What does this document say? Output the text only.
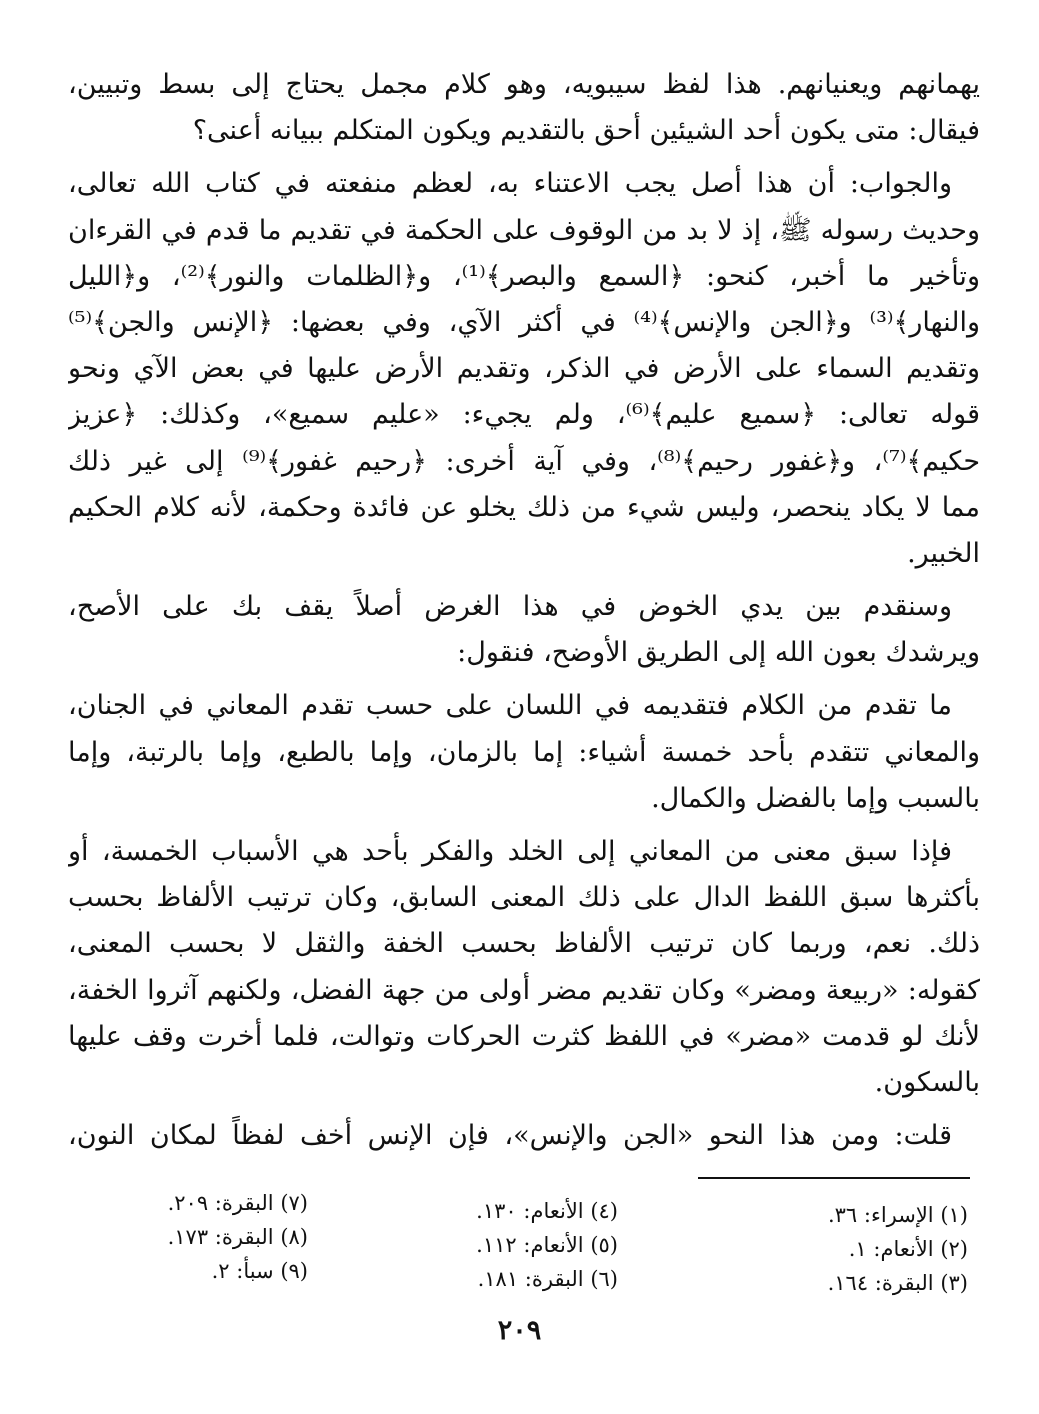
يهمانهم ويعنيانهم. هذا لفظ سيبويه، وهو كلام مجمل يحتاج إلى بسط وتبيين،
فيقال: متى يكون أحد الشيئين أحق بالتقديم ويكون المتكلم ببيانه أعنى؟
والجواب: أن هذا أصل يجب الاعتناء به، لعظم منفعته في كتاب الله تعالى،
وحديث رسوله ﷺ، إذ لا بد من الوقوف على الحكمة في تقديم ما قدم في القرءان
وتأخير ما أخبر، كنحو: ﴿السمع والبصر﴾⁽¹⁾، و﴿الظلمات والنور﴾⁽²⁾، و﴿الليل
والنهار﴾⁽³⁾ و﴿الجن والإنس﴾⁽⁴⁾ في أكثر الآي، وفي بعضها: ﴿الإنس والجن﴾⁽⁵⁾
وتقديم السماء على الأرض في الذكر، وتقديم الأرض عليها في بعض الآي ونحو
قوله تعالى: ﴿سميع عليم﴾⁽⁶⁾، ولم يجيء: «عليم سميع»، وكذلك: ﴿عزيز
حكيم﴾⁽⁷⁾، و﴿غفور رحيم﴾⁽⁸⁾، وفي آية أخرى: ﴿رحيم غفور﴾⁽⁹⁾ إلى غير ذلك
مما لا يكاد ينحصر، وليس شيء من ذلك يخلو عن فائدة وحكمة، لأنه كلام الحكيم
الخبير.
وسنقدم بين يدي الخوض في هذا الغرض أصلاً يقف بك على الأصح،
ويرشدك بعون الله إلى الطريق الأوضح، فنقول:
ما تقدم من الكلام فتقديمه في اللسان على حسب تقدم المعاني في الجنان،
والمعاني تتقدم بأحد خمسة أشياء: إما بالزمان، وإما بالطبع، وإما بالرتبة، وإما
بالسبب وإما بالفضل والكمال.
فإذا سبق معنى من المعاني إلى الخلد والفكر بأحد هي الأسباب الخمسة، أو
بأكثرها سبق اللفظ الدال على ذلك المعنى السابق، وكان ترتيب الألفاظ بحسب
ذلك. نعم، وربما كان ترتيب الألفاظ بحسب الخفة والثقل لا بحسب المعنى،
كقوله: «ربيعة ومضر» وكان تقديم مضر أولى من جهة الفضل، ولكنهم آثروا الخفة،
لأنك لو قدمت «مضر» في اللفظ كثرت الحركات وتوالت، فلما أخرت وقف عليها
بالسكون.
قلت: ومن هذا النحو «الجن والإنس»، فإن الإنس أخف لفظاً لمكان النون،
(١) الإسراء: ٣٦.
(٢) الأنعام: ١.
(٣) البقرة: ١٦٤.
(٤) الأنعام: ١٣٠.
(٥) الأنعام: ١١٢.
(٦) البقرة: ١٨١.
(٧) البقرة: ٢٠٩.
(٨) البقرة: ١٧٣.
(٩) سبأ: ٢.
٢٠٩
